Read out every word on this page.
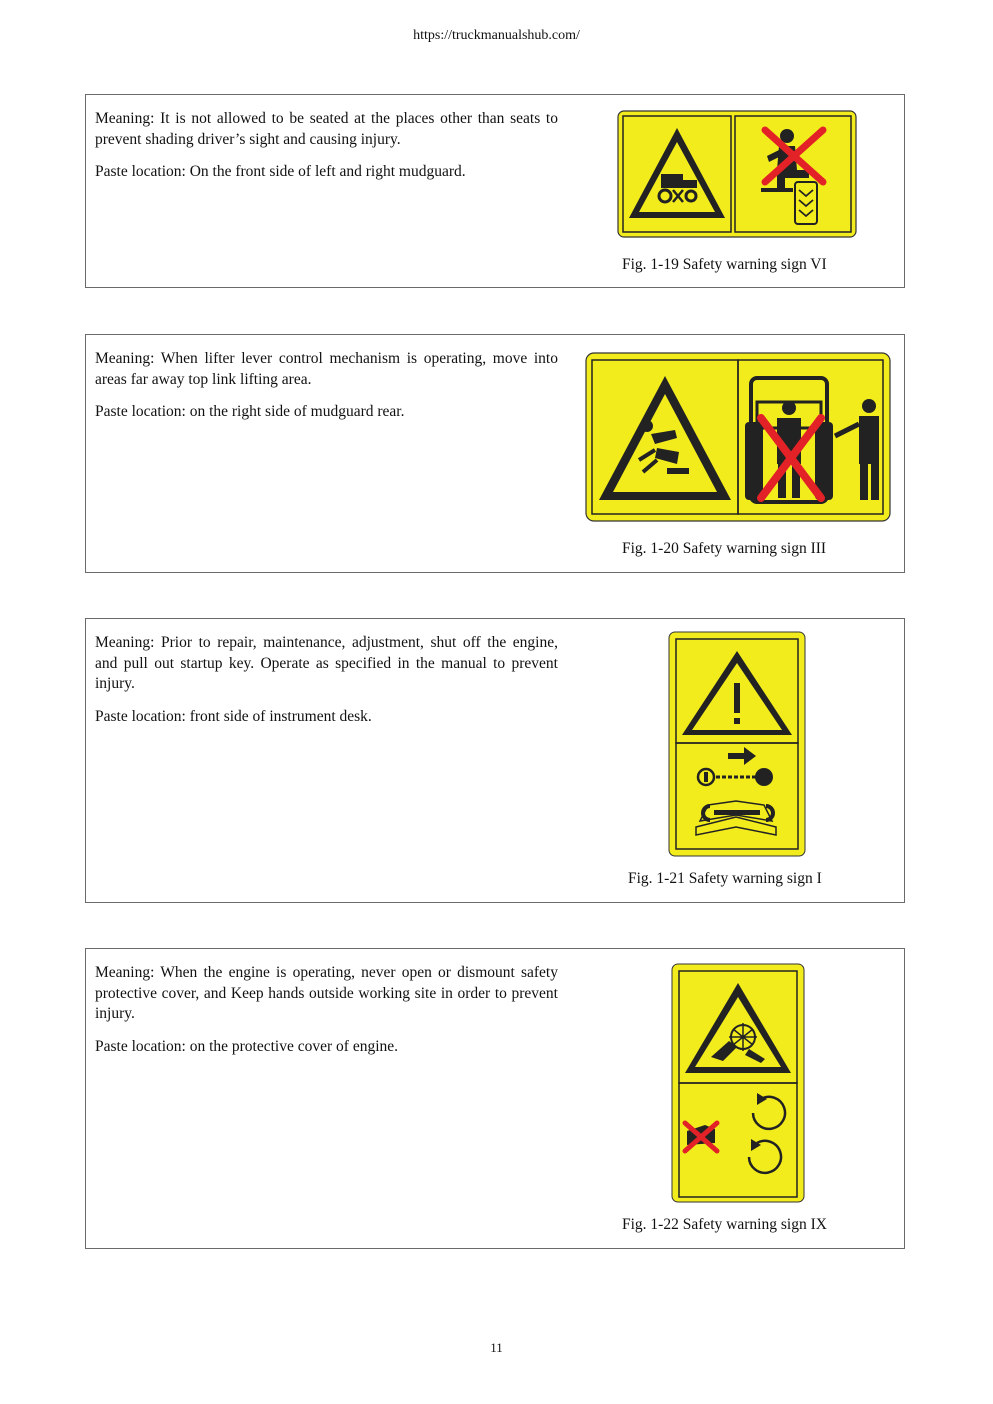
https://truckmanualshub.com/

Meaning: It is not allowed to be seated at the places other than seats to prevent shading driver’s sight and causing injury.

Paste location: On the front side of left and right mudguard.

Fig. 1-19 Safety warning sign VI

Meaning: When lifter lever control mechanism is operating, move into areas far away top link lifting area.

Paste location: on the right side of mudguard rear.

Fig. 1-20 Safety warning sign III

Meaning: Prior to repair, maintenance, adjustment, shut off the engine, and pull out startup key. Operate as specified in the manual to prevent injury.

Paste location: front side of instrument desk.

Fig. 1-21 Safety warning sign I

Meaning: When the engine is operating, never open or dismount safety protective cover, and Keep hands outside working site in order to prevent injury.

Paste location: on the protective cover of engine.

Fig. 1-22 Safety warning sign IX
11
